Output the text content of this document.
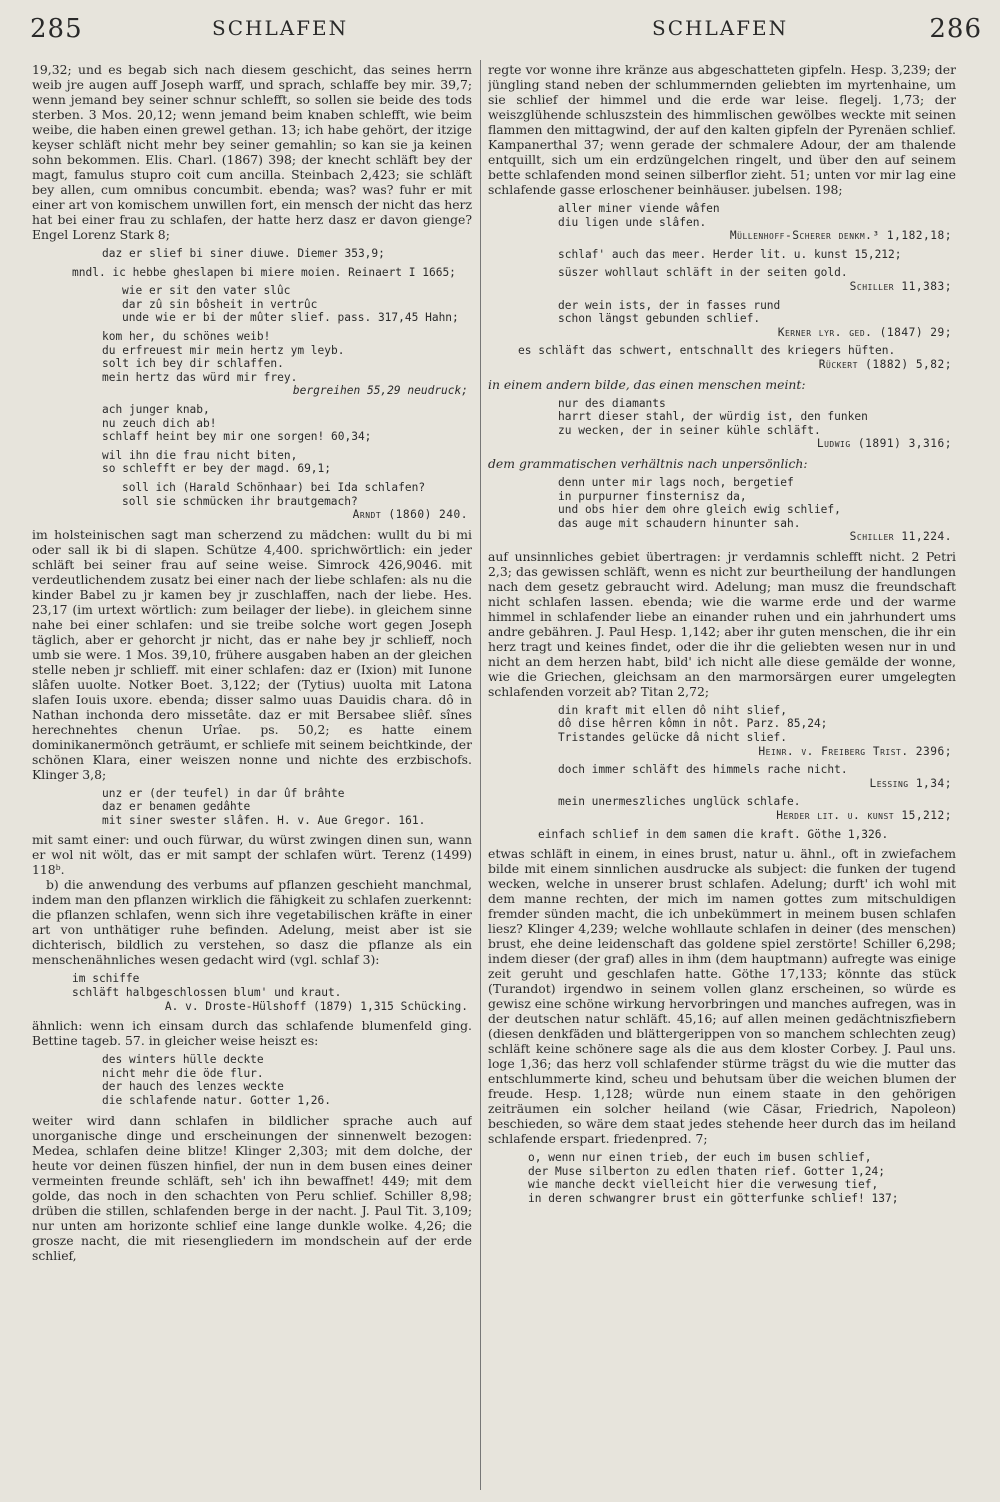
285	SCHLAFEN	SCHLAFEN	286

19,32; und es begab sich nach diesem geschicht, das seines herrn weib jre augen auff Joseph warff, und sprach, schlaffe bey mir. 39,7; wenn jemand bey seiner schnur schlefft, so sollen sie beide des tods sterben. 3 Mos. 20,12; wenn jemand beim knaben schlefft, wie beim weibe, die haben einen grewel gethan. 13; ich habe gehört, der itzige keyser schläft nicht mehr bey seiner gemahlin; so kan sie ja keinen sohn bekommen. Elis. Charl. (1867) 398; der knecht schläft bey der magt, famulus stupro coit cum ancilla. Steinbach 2,423; sie schläft bey allen, cum omnibus concumbit. ebenda; was? was? fuhr er mit einer art von komischem unwillen fort, ein mensch der nicht das herz hat bei einer frau zu schlafen, der hatte herz dasz er davon gienge? Engel Lorenz Stark 8;

daz er slief bi siner diuwe. Diemer 353,9;
mndl. ic hebbe gheslapen bi miere moien. Reinaert I 1665;
wie er sit den vater slûc
dar zû sin bôsheit in vertrûc
unde wie er bi der mûter slief. pass. 317,45 Hahn;
kom her, du schönes weib!
du erfreuest mir mein hertz ym leyb.
solt ich bey dir schlaffen.
mein hertz das würd mir frey.
bergreihen 55,29 neudruck;
ach junger knab,
nu zeuch dich ab!
schlaff heint bey mir one sorgen! 60,34;
wil ihn die frau nicht biten,
so schlefft er bey der magd. 69,1;
soll ich (Harald Schönhaar) bei Ida schlafen?
soll sie schmücken ihr brautgemach?
Arndt (1860) 240.

im holsteinischen sagt man scherzend zu mädchen: wullt du bi mi oder sall ik bi di slapen. Schütze 4,400. sprichwörtlich: ein jeder schläft bei seiner frau auf seine weise. Simrock 426,9046. mit verdeutlichendem zusatz bei einer nach der liebe schlafen: als nu die kinder Babel zu jr kamen bey jr zuschlaffen, nach der liebe. Hes. 23,17 (im urtext wörtlich: zum beilager der liebe). in gleichem sinne nahe bei einer schlafen: und sie treibe solche wort gegen Joseph täglich, aber er gehorcht jr nicht, das er nahe bey jr schlieff, noch umb sie were. 1 Mos. 39,10, frühere ausgaben haben an der gleichen stelle neben jr schlieff. mit einer schlafen: daz er (Ixion) mit Iunone slâfen uuolte. Notker Boet. 3,122; der (Tytius) uuolta mit Latona slafen Iouis uxore. ebenda; disser salmo uuas Dauidis chara. dô in Nathan inchonda dero missetâte. daz er mit Bersabee sliêf. sînes herechnehtes chenun Urîae. ps. 50,2; es hatte einem dominikanermönch geträumt, er schliefe mit seinem beichtkinde, der schönen Klara, einer weiszen nonne und nichte des erzbischofs. Klinger 3,8;

unz er (der teufel) in dar ûf brâhte
daz er benamen gedâhte
mit siner swester slâfen. H. v. Aue Gregor. 161.

mit samt einer: und ouch fürwar, du würst zwingen dinen sun, wann er wol nit wölt, das er mit sampt der schlafen würt. Terenz (1499) 118ᵇ.

b) die anwendung des verbums auf pflanzen geschieht manchmal, indem man den pflanzen wirklich die fähigkeit zu schlafen zuerkennt: die pflanzen schlafen, wenn sich ihre vegetabilischen kräfte in einer art von unthätiger ruhe befinden. Adelung, meist aber ist sie dichterisch, bildlich zu verstehen, so dasz die pflanze als ein menschenähnliches wesen gedacht wird (vgl. schlaf 3):

im schiffe
schläft halbgeschlossen blum' und kraut.
A. v. Droste-Hülshoff (1879) 1,315 Schücking.

ähnlich: wenn ich einsam durch das schlafende blumenfeld ging. Bettine tageb. 57. in gleicher weise heiszt es:

des winters hülle deckte
nicht mehr die öde flur.
der hauch des lenzes weckte
die schlafende natur. Gotter 1,26.

weiter wird dann schlafen in bildlicher sprache auch auf unorganische dinge und erscheinungen der sinnenwelt bezogen: Medea, schlafen deine blitze! Klinger 2,303; mit dem dolche, der heute vor deinen füszen hinfiel, der nun in dem busen eines deiner vermeinten freunde schläft, seh' ich ihn bewaffnet! 449; mit dem golde, das noch in den schachten von Peru schlief. Schiller 8,98; drüben die stillen, schlafenden berge in der nacht. J. Paul Tit. 3,109; nur unten am horizonte schlief eine lange dunkle wolke. 4,26; die grosze nacht, die mit riesengliedern im mondschein auf der erde schlief,

regte vor wonne ihre kränze aus abgeschatteten gipfeln. Hesp. 3,239; der jüngling stand neben der schlummernden geliebten im myrtenhaine, um sie schlief der himmel und die erde war leise. flegelj. 1,73; der weiszglühende schluszstein des himmlischen gewölbes weckte mit seinen flammen den mittagwind, der auf den kalten gipfeln der Pyrenäen schlief. Kampanerthal 37; wenn gerade der schmalere Adour, der am thalende entquillt, sich um ein erdzüngelchen ringelt, und über den auf seinem bette schlafenden mond seinen silberflor zieht. 51; unten vor mir lag eine schlafende gasse erloschener beinhäuser. jubelsen. 198;

aller miner viende wâfen
diu ligen unde slâfen.
Müllenhoff-Scherer denkm.³ 1,182,18;
schlaf' auch das meer. Herder lit. u. kunst 15,212;
süszer wohllaut schläft in der seiten gold.
Schiller 11,383;
der wein ists, der in fasses rund
schon längst gebunden schlief.
Kerner lyr. ged. (1847) 29;
es schläft das schwert, entschnallt des kriegers hüften.
Rückert (1882) 5,82;

in einem andern bilde, das einen menschen meint:

nur des diamants
harrt dieser stahl, der würdig ist, den funken
zu wecken, der in seiner kühle schläft.
Ludwig (1891) 3,316;

dem grammatischen verhältnis nach unpersönlich:

denn unter mir lags noch, bergetief
in purpurner finsternisz da,
und obs hier dem ohre gleich ewig schlief,
das auge mit schaudern hinunter sah.
Schiller 11,224.

auf unsinnliches gebiet übertragen: jr verdamnis schlefft nicht. 2 Petri 2,3; das gewissen schläft, wenn es nicht zur beurtheilung der handlungen nach dem gesetz gebraucht wird. Adelung; man musz die freundschaft nicht schlafen lassen. ebenda; wie die warme erde und der warme himmel in schlafender liebe an einander ruhen und ein jahrhundert ums andre gebähren. J. Paul Hesp. 1,142; aber ihr guten menschen, die ihr ein herz tragt und keines findet, oder die ihr die geliebten wesen nur in und nicht an dem herzen habt, bild' ich nicht alle diese gemälde der wonne, wie die Griechen, gleichsam an den marmorsärgen eurer umgelegten schlafenden vorzeit ab? Titan 2,72;

din kraft mit ellen dô niht slief,
dô dise hêrren kômn in nôt. Parz. 85,24;
Tristandes gelücke dâ nicht slief.
Heinr. v. Freiberg Trist. 2396;
doch immer schläft des himmels rache nicht.
Lessing 1,34;
mein unermeszliches unglück schlafe.
Herder lit. u. kunst 15,212;
einfach schlief in dem samen die kraft. Göthe 1,326.

etwas schläft in einem, in eines brust, natur u. ähnl., oft in zwiefachem bilde mit einem sinnlichen ausdrucke als subject: die funken der tugend wecken, welche in unserer brust schlafen. Adelung; durft' ich wohl mit dem manne rechten, der mich im namen gottes zum mitschuldigen fremder sünden macht, die ich unbekümmert in meinem busen schlafen liesz? Klinger 4,239; welche wohllaute schlafen in deiner (des menschen) brust, ehe deine leidenschaft das goldene spiel zerstörte! Schiller 6,298; indem dieser (der graf) alles in ihm (dem hauptmann) aufregte was einige zeit geruht und geschlafen hatte. Göthe 17,133; könnte das stück (Turandot) irgendwo in seinem vollen glanz erscheinen, so würde es gewisz eine schöne wirkung hervorbringen und manches aufregen, was in der deutschen natur schläft. 45,16; auf allen meinen gedächtniszfiebern (diesen denkfäden und blättergerippen von so manchem schlechten zeug) schläft keine schönere sage als die aus dem kloster Corbey. J. Paul uns. loge 1,36; das herz voll schlafender stürme trägst du wie die mutter das entschlummerte kind, scheu und behutsam über die weichen blumen der freude. Hesp. 1,128; würde nun einem staate in den gehörigen zeiträumen ein solcher heiland (wie Cäsar, Friedrich, Napoleon) beschieden, so wäre dem staat jedes stehende heer durch das im heiland schlafende erspart. friedenpred. 7;

o, wenn nur einen trieb, der euch im busen schlief,
der Muse silberton zu edlen thaten rief. Gotter 1,24;
wie manche deckt vielleicht hier die verwesung tief,
in deren schwangrer brust ein götterfunke schlief! 137;
